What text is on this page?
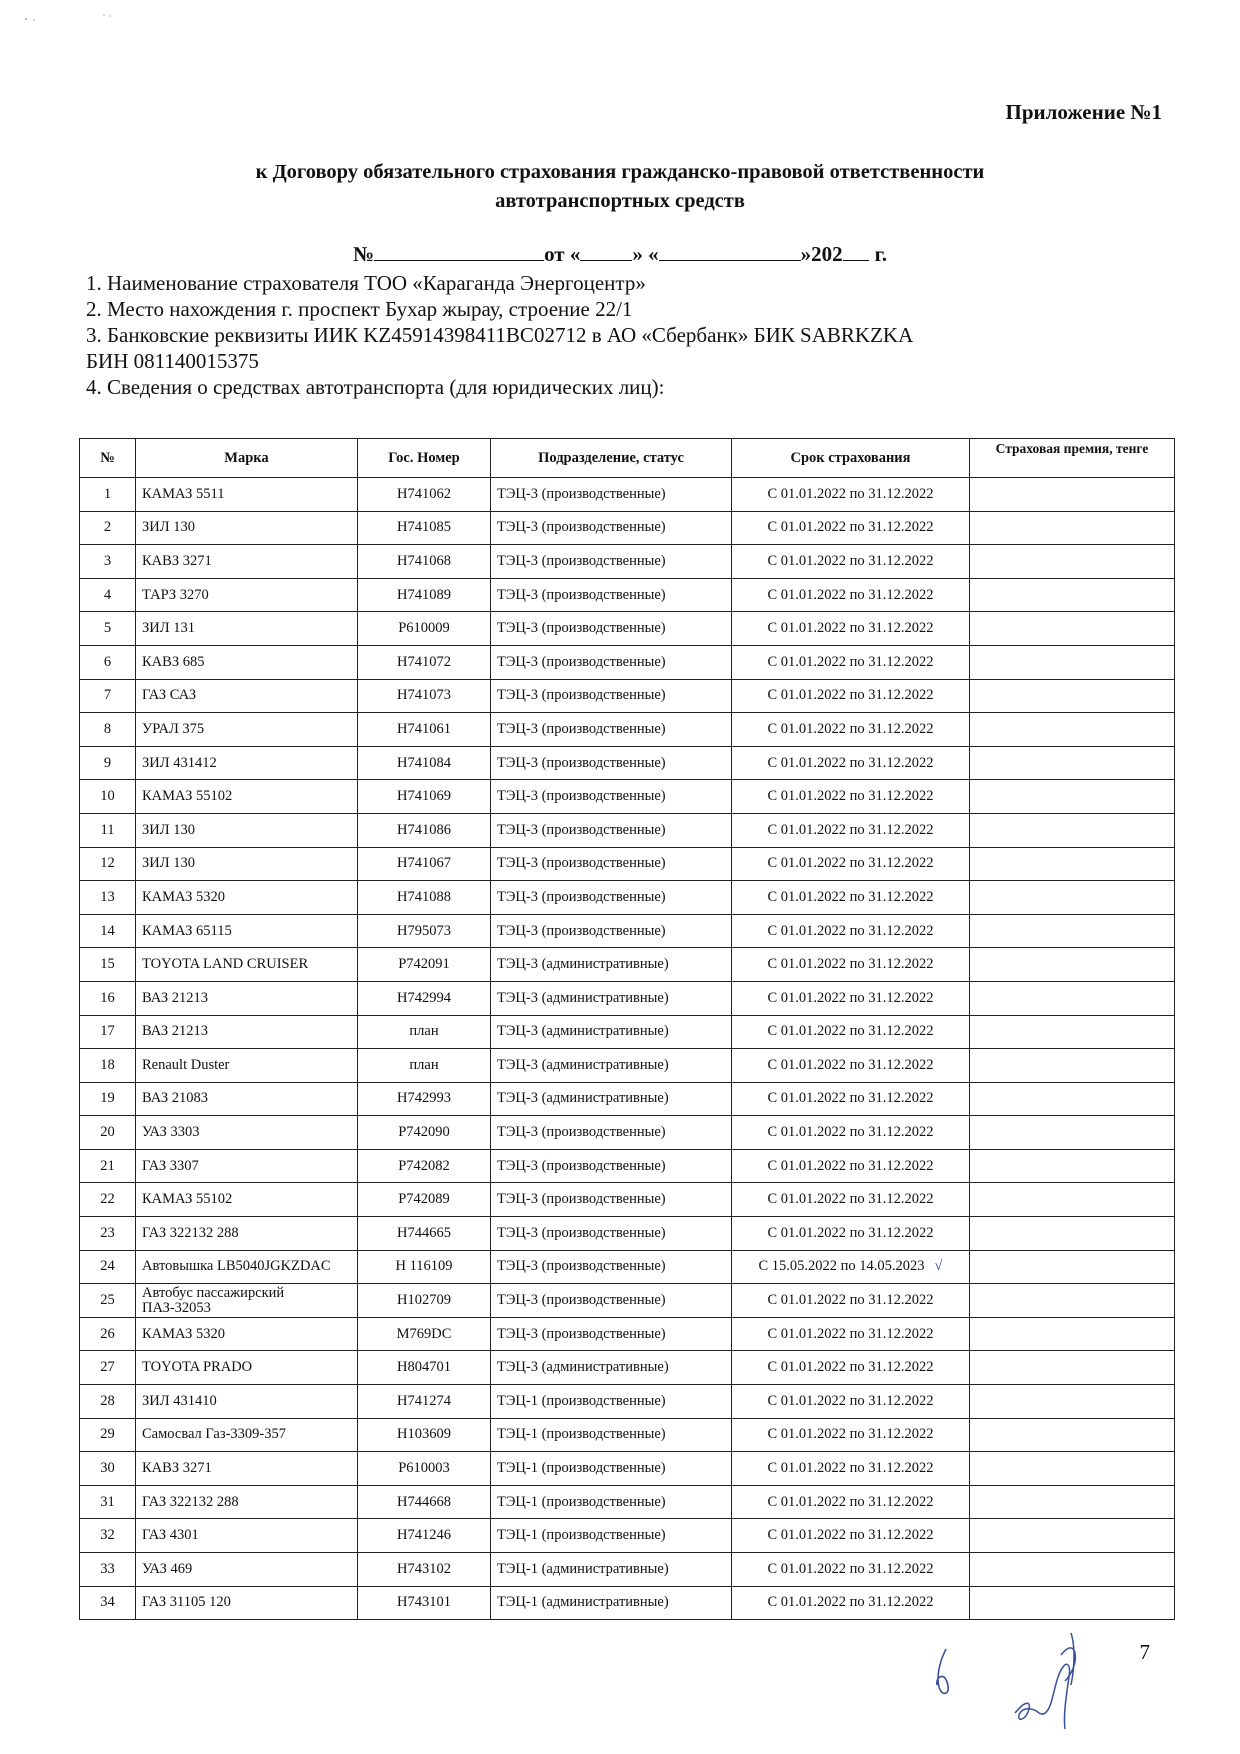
Приложение №1
к Договору обязательного страхования гражданско-правовой ответственности
автотранспортных средств
№	от « » «	»202 г.
1. Наименование страхователя ТОО «Караганда Энергоцентр»
2. Место нахождения г. проспект Бухар жырау, строение 22/1
3. Банковские реквизиты ИИК KZ45914398411BC02712 в АО «Сбербанк» БИК SABRKZKA
БИН 081140015375
4. Сведения о средствах автотранспорта (для юридических лиц):
№	Марка	Гос. Номер	Подразделение, статус	Срок страхования	Страховая премия, тенге
1	КАМАЗ 5511	Н741062	ТЭЦ-3 (производственные)	С 01.01.2022 по 31.12.2022	
2	ЗИЛ 130	Н741085	ТЭЦ-3 (производственные)	С 01.01.2022 по 31.12.2022	
3	КАВЗ 3271	Н741068	ТЭЦ-3 (производственные)	С 01.01.2022 по 31.12.2022	
4	ТАРЗ 3270	Н741089	ТЭЦ-3 (производственные)	С 01.01.2022 по 31.12.2022	
5	ЗИЛ 131	Р610009	ТЭЦ-3 (производственные)	С 01.01.2022 по 31.12.2022	
6	КАВЗ 685	Н741072	ТЭЦ-3 (производственные)	С 01.01.2022 по 31.12.2022	
7	ГАЗ САЗ	Н741073	ТЭЦ-3 (производственные)	С 01.01.2022 по 31.12.2022	
8	УРАЛ 375	Н741061	ТЭЦ-3 (производственные)	С 01.01.2022 по 31.12.2022	
9	ЗИЛ 431412	Н741084	ТЭЦ-3 (производственные)	С 01.01.2022 по 31.12.2022	
10	КАМАЗ 55102	Н741069	ТЭЦ-3 (производственные)	С 01.01.2022 по 31.12.2022	
11	ЗИЛ 130	Н741086	ТЭЦ-3 (производственные)	С 01.01.2022 по 31.12.2022	
12	ЗИЛ 130	Н741067	ТЭЦ-3 (производственные)	С 01.01.2022 по 31.12.2022	
13	КАМАЗ 5320	Н741088	ТЭЦ-3 (производственные)	С 01.01.2022 по 31.12.2022	
14	КАМАЗ 65115	Н795073	ТЭЦ-3 (производственные)	С 01.01.2022 по 31.12.2022	
15	TOYOTA LAND CRUISER	Р742091	ТЭЦ-3 (административные)	С 01.01.2022 по 31.12.2022	
16	ВАЗ 21213	Н742994	ТЭЦ-3 (административные)	С 01.01.2022 по 31.12.2022	
17	ВАЗ 21213	план	ТЭЦ-3 (административные)	С 01.01.2022 по 31.12.2022	
18	Renault Duster	план	ТЭЦ-3 (административные)	С 01.01.2022 по 31.12.2022	
19	ВАЗ 21083	Н742993	ТЭЦ-3 (административные)	С 01.01.2022 по 31.12.2022	
20	УАЗ 3303	Р742090	ТЭЦ-3 (производственные)	С 01.01.2022 по 31.12.2022	
21	ГАЗ 3307	Р742082	ТЭЦ-3 (производственные)	С 01.01.2022 по 31.12.2022	
22	КАМАЗ 55102	Р742089	ТЭЦ-3 (производственные)	С 01.01.2022 по 31.12.2022	
23	ГАЗ 322132 288	Н744665	ТЭЦ-3 (производственные)	С 01.01.2022 по 31.12.2022	
24	Автовышка LB5040JGKZDAC	Н 116109	ТЭЦ-3 (производственные)	С 15.05.2022 по 14.05.2023 √	
25	Автобус пассажирский ПАЗ-32053	Н102709	ТЭЦ-3 (производственные)	С 01.01.2022 по 31.12.2022	
26	КАМАЗ 5320	М769DC	ТЭЦ-3 (производственные)	С 01.01.2022 по 31.12.2022	
27	TOYOTA PRADO	Н804701	ТЭЦ-3 (административные)	С 01.01.2022 по 31.12.2022	
28	ЗИЛ 431410	Н741274	ТЭЦ-1 (производственные)	С 01.01.2022 по 31.12.2022	
29	Самосвал Газ-3309-357	Н103609	ТЭЦ-1 (производственные)	С 01.01.2022 по 31.12.2022	
30	КАВЗ 3271	Р610003	ТЭЦ-1 (производственные)	С 01.01.2022 по 31.12.2022	
31	ГАЗ 322132 288	Н744668	ТЭЦ-1 (производственные)	С 01.01.2022 по 31.12.2022	
32	ГАЗ 4301	Н741246	ТЭЦ-1 (производственные)	С 01.01.2022 по 31.12.2022	
33	УАЗ 469	Н743102	ТЭЦ-1 (административные)	С 01.01.2022 по 31.12.2022	
34	ГАЗ 31105 120	Н743101	ТЭЦ-1 (административные)	С 01.01.2022 по 31.12.2022	
7
